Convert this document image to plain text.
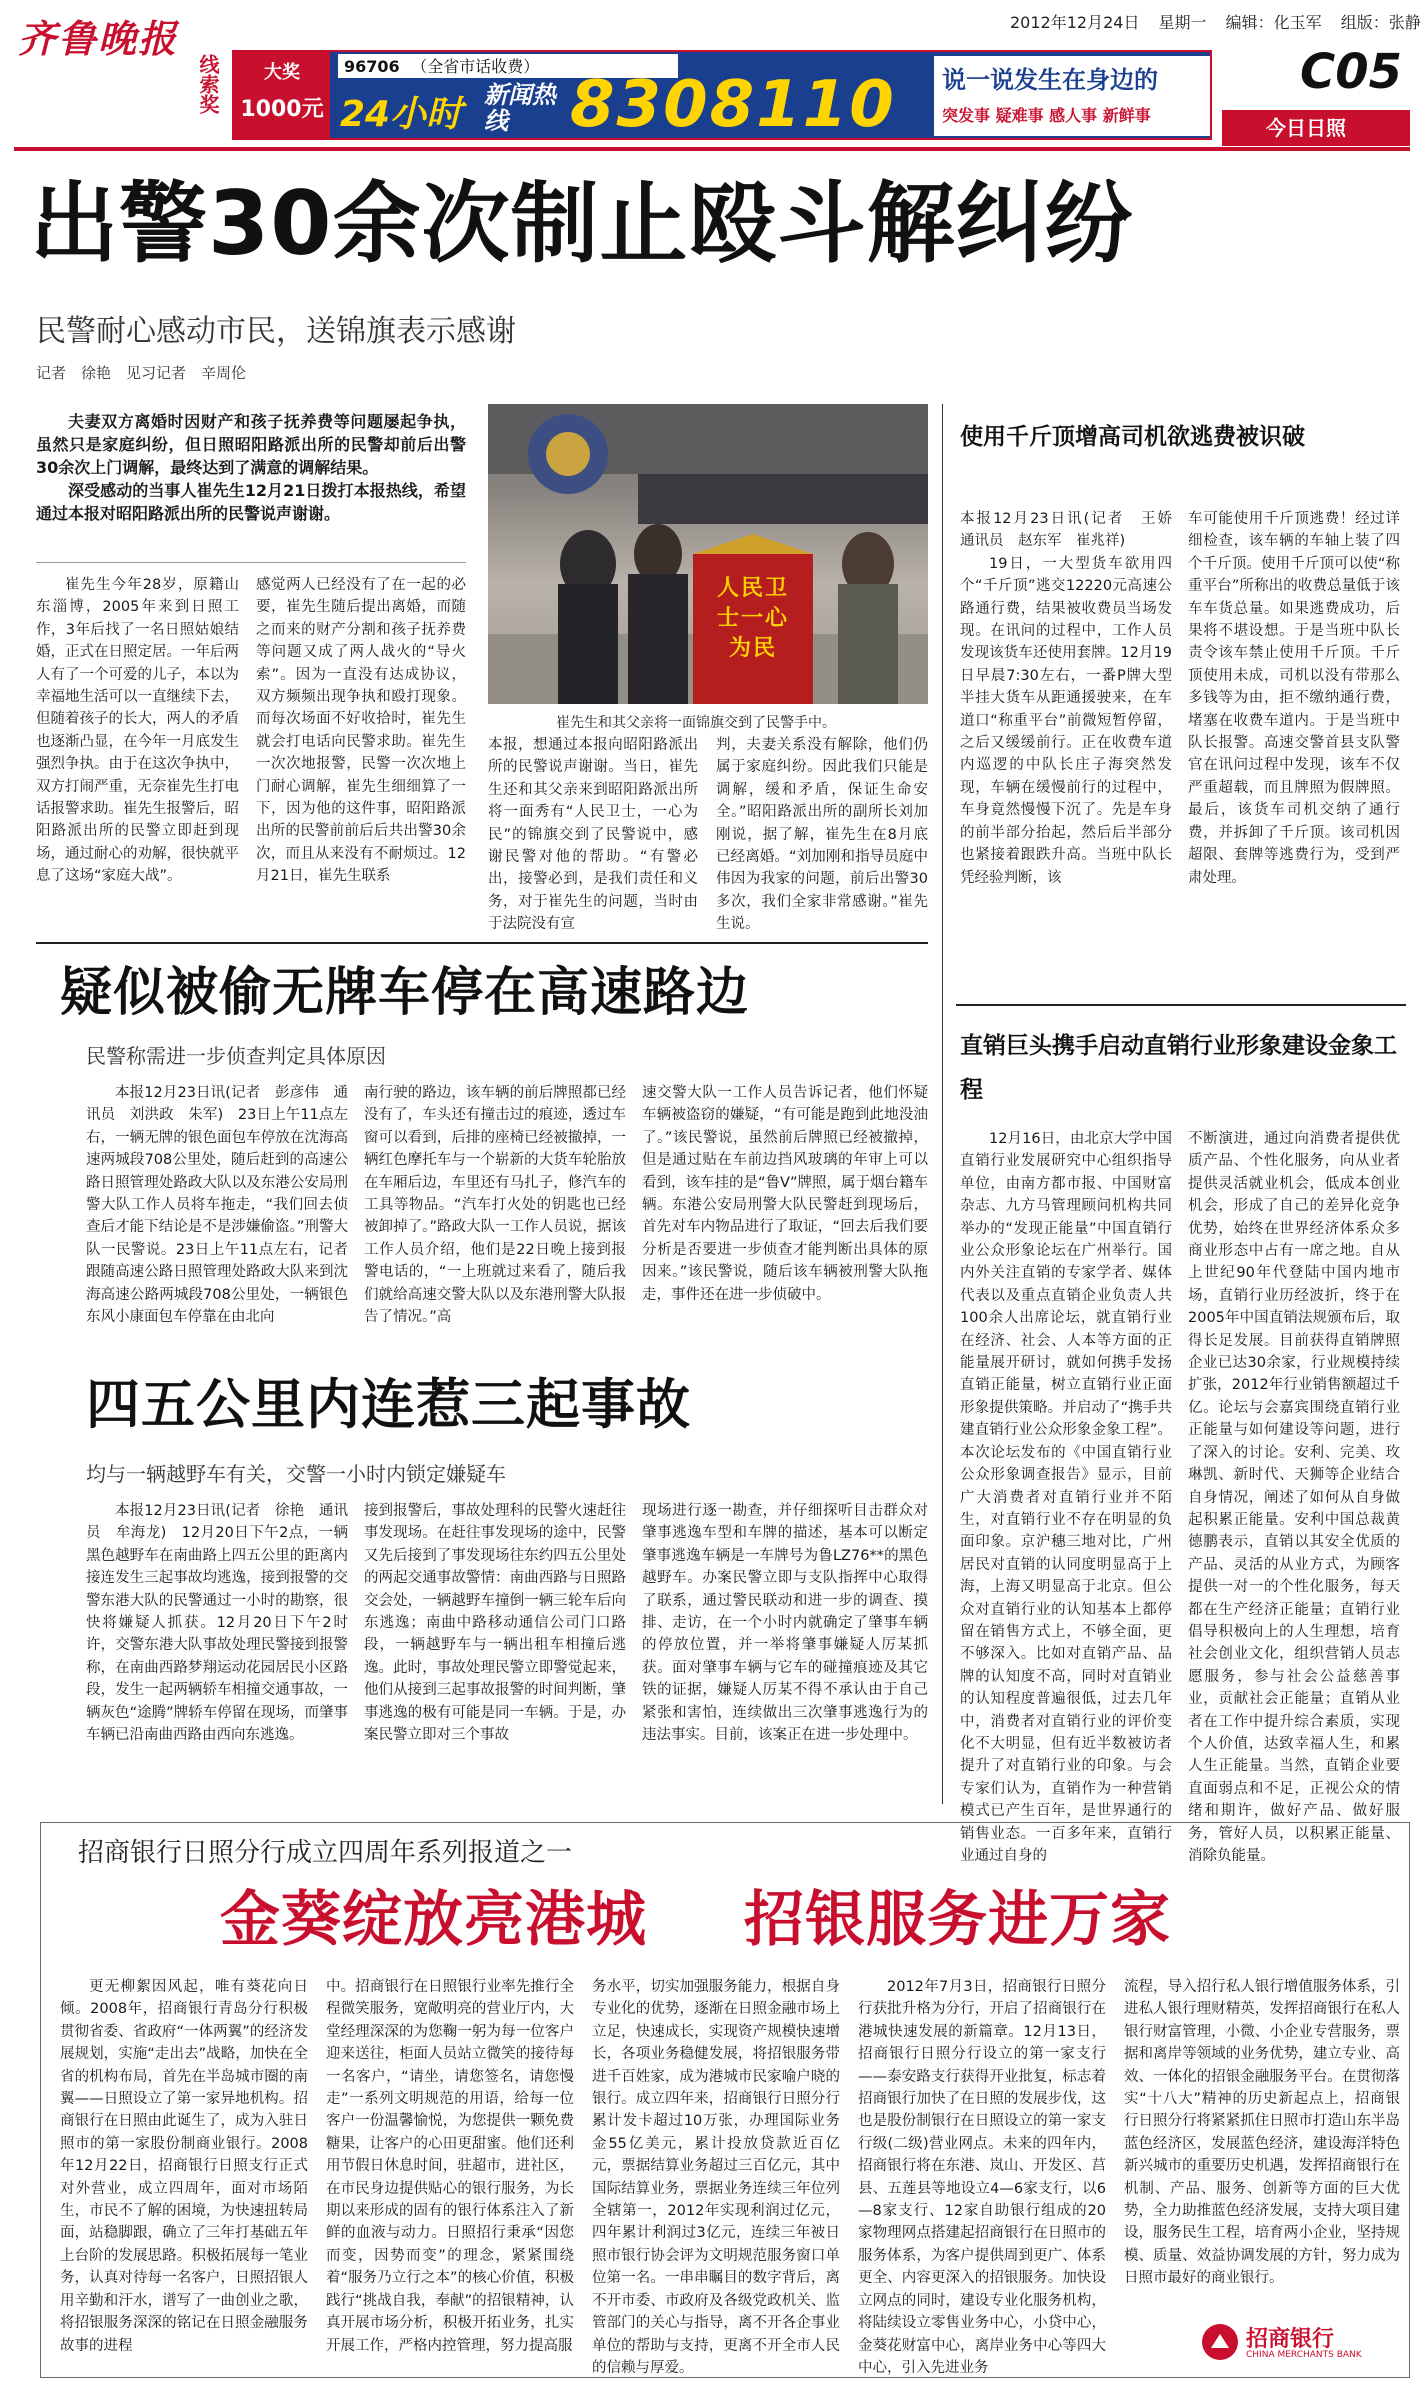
齐鲁晚报	2012年12月24日 星期一 编辑：化玉军 组版：张静
线索奖	大奖
1000元
96706 （全省市话收费）
24小时 新闻热线 8308110 说一说发生在身边的
突发事 疑难事 感人事 新鲜事
C05
今日日照
出警30余次制止殴斗解纠纷
民警耐心感动市民，送锦旗表示感谢
记者　徐艳　见习记者　辛周伦

夫妻双方离婚时因财产和孩子抚养费等问题屡起争执，虽然只是家庭纠纷，但日照昭阳路派出所的民警却前后出警30余次上门调解，最终达到了满意的调解结果。

深受感动的当事人崔先生12月21日拨打本报热线，希望通过本报对昭阳路派出所的民警说声谢谢。

崔先生今年28岁，原籍山东淄博，2005年来到日照工作，3年后找了一名日照姑娘结婚，正式在日照定居。一年后两人有了一个可爱的儿子，本以为幸福地生活可以一直继续下去，但随着孩子的长大，两人的矛盾也逐渐凸显，在今年一月底发生强烈争执。由于在这次争执中，双方打闹严重，无奈崔先生打电话报警求助。崔先生报警后，昭阳路派出所的民警立即赶到现场，通过耐心的劝解，很快就平息了这场“家庭大战”。

感觉两人已经没有了在一起的必要，崔先生随后提出离婚，而随之而来的财产分割和孩子抚养费等问题又成了两人战火的“导火索”。因为一直没有达成协议，双方频频出现争执和殴打现象。而每次场面不好收拾时，崔先生就会打电话向民警求助。崔先生一次次地报警，民警一次次地上门耐心调解，崔先生细细算了一下，因为他的这件事，昭阳路派出所的民警前前后后共出警30余次，而且从来没有不耐烦过。12月21日，崔先生联系

人民卫士一心为民
崔先生和其父亲将一面锦旗交到了民警手中。

本报，想通过本报向昭阳路派出所的民警说声谢谢。当日，崔先生还和其父亲来到昭阳路派出所将一面秀有“人民卫士，一心为民”的锦旗交到了民警说中，感谢民警对他的帮助。“有警必出，接警必到，是我们责任和义务，对于崔先生的问题，当时由于法院没有宣

判，夫妻关系没有解除，他们仍属于家庭纠纷。因此我们只能是调解，缓和矛盾，保证生命安全。”昭阳路派出所的副所长刘加刚说，据了解，崔先生在8月底已经离婚。“刘加刚和指导员庭中伟因为我家的问题，前后出警30多次，我们全家非常感谢。”崔先生说。

使用千斤顶增高司机欲逃费被识破

本报12月23日讯(记者　王娇　通讯员　赵东军　崔兆祥)

19日，一大型货车欲用四个“千斤顶”逃交12220元高速公路通行费，结果被收费员当场发现。在讯问的过程中，工作人员发现该货车还使用套牌。12月19日早晨7:30左右，一番P牌大型半挂大货车从距通援驶来，在车道口“称重平台”前微短暂停留，之后又缓缓前行。正在收费车道内巡逻的中队长庄子海突然发现，车辆在缓慢前行的过程中，车身竟然慢慢下沉了。先是车身的前半部分抬起，然后后半部分也紧接着跟跌升高。当班中队长凭经验判断，该

车可能使用千斤顶逃费！经过详细检查，该车辆的车轴上装了四个千斤顶。使用千斤顶可以使“称重平台”所称出的收费总量低于该车车货总量。如果逃费成功，后果将不堪设想。于是当班中队长责令该车禁止使用千斤顶。千斤顶使用未成，司机以没有带那么多钱等为由，拒不缴纳通行费，堵塞在收费车道内。于是当班中队长报警。高速交警首县支队警官在讯问过程中发现，该车不仅严重超载，而且牌照为假牌照。最后，该货车司机交纳了通行费，并拆卸了千斤顶。该司机因超限、套牌等逃费行为，受到严肃处理。

直销巨头携手启动直销行业形象建设金象工程

12月16日，由北京大学中国直销行业发展研究中心组织指导单位，由南方都市报、中国财富杂志、九方马管理顾问机构共同举办的“发现正能量”中国直销行业公众形象论坛在广州举行。国内外关注直销的专家学者、媒体代表以及重点直销企业负责人共100余人出席论坛，就直销行业在经济、社会、人本等方面的正能量展开研讨，就如何携手发扬直销正能量，树立直销行业正面形象提供策略。并启动了“携手共建直销行业公众形象金象工程”。本次论坛发布的《中国直销行业公众形象调查报告》显示，目前广大消费者对直销行业并不陌生，对直销行业不存在明显的负面印象。京沪穗三地对比，广州居民对直销的认同度明显高于上海，上海又明显高于北京。但公众对直销行业的认知基本上都停留在销售方式上，不够全面，更不够深入。比如对直销产品、品牌的认知度不高，同时对直销业的认知程度普遍很低，过去几年中，消费者对直销行业的评价变化不大明显，但有近半数被访者提升了对直销行业的印象。与会专家们认为，直销作为一种营销模式已产生百年，是世界通行的销售业态。一百多年来，直销行业通过自身的

不断演进，通过向消费者提供优质产品、个性化服务，向从业者提供灵活就业机会，低成本创业机会，形成了自己的差异化竞争优势，始终在世界经济体系众多商业形态中占有一席之地。自从上世纪90年代登陆中国内地市场，直销行业历经波折，终于在2005年中国直销法规颁布后，取得长足发展。目前获得直销牌照企业已达30余家，行业规模持续扩张，2012年行业销售额超过千亿。论坛与会嘉宾围绕直销行业正能量与如何建设等问题，进行了深入的讨论。安利、完美、玫琳凯、新时代、天狮等企业结合自身情况，阐述了如何从自身做起积累正能量。安利中国总裁黄德鹏表示，直销以其安全优质的产品、灵活的从业方式，为顾客提供一对一的个性化服务，每天都在生产经济正能量；直销行业倡导积极向上的人生理想，培育社会创业文化，组织营销人员志愿服务，参与社会公益慈善事业，贡献社会正能量；直销从业者在工作中提升综合素质，实现个人价值，达致幸福人生，和累人生正能量。当然，直销企业要直面弱点和不足，正视公众的情绪和期许，做好产品、做好服务，管好人员，以积累正能量、消除负能量。

疑似被偷无牌车停在高速路边
民警称需进一步侦查判定具体原因

本报12月23日讯(记者　彭彦伟　通讯员　刘洪政　朱军)　23日上午11点左右，一辆无牌的银色面包车停放在沈海高速两城段708公里处，随后赶到的高速公路日照管理处路政大队以及东港公安局刑警大队工作人员将车拖走，“我们回去侦查后才能下结论是不是涉嫌偷盗。”刑警大队一民警说。23日上午11点左右，记者跟随高速公路日照管理处路政大队来到沈海高速公路两城段708公里处，一辆银色东风小康面包车停靠在由北向

南行驶的路边，该车辆的前后牌照都已经没有了，车头还有撞击过的痕迹，透过车窗可以看到，后排的座椅已经被撤掉，一辆红色摩托车与一个崭新的大货车轮胎放在车厢后边，车里还有马扎子，修汽车的工具等物品。“汽车打火处的钥匙也已经被卸掉了。”路政大队一工作人员说，据该工作人员介绍，他们是22日晚上接到报警电话的，“一上班就过来看了，随后我们就给高速交警大队以及东港刑警大队报告了情况。”高

速交警大队一工作人员告诉记者，他们怀疑车辆被盗窃的嫌疑，“有可能是跑到此地没油了。”该民警说，虽然前后牌照已经被撤掉，但是通过贴在车前边挡风玻璃的年审上可以看到，该车挂的是“鲁Ⅴ”牌照，属于烟台籍车辆。东港公安局刑警大队民警赶到现场后，首先对车内物品进行了取证，“回去后我们要分析是否要进一步侦查才能判断出具体的原因来。”该民警说，随后该车辆被刑警大队拖走，事件还在进一步侦破中。

四五公里内连惹三起事故
均与一辆越野车有关，交警一小时内锁定嫌疑车

本报12月23日讯(记者　徐艳　通讯员　牟海龙)　12月20日下午2点，一辆黑色越野车在南曲路上四五公里的距离内接连发生三起事故均逃逸，接到报警的交警东港大队的民警通过一小时的勘察，很快将嫌疑人抓获。12月20日下午2时许，交警东港大队事故处理民警接到报警称，在南曲西路梦翔运动花园居民小区路段，发生一起两辆轿车相撞交通事故，一辆灰色“途腾”牌轿车停留在现场，而肇事车辆已沿南曲西路由西向东逃逸。

接到报警后，事故处理科的民警火速赶往事发现场。在赶往事发现场的途中，民警又先后接到了事发现场往东约四五公里处的两起交通事故警情：南曲西路与日照路交会处，一辆越野车撞倒一辆三轮车后向东逃逸；南曲中路移动通信公司门口路段，一辆越野车与一辆出租车相撞后逃逸。此时，事故处理民警立即警觉起来，他们从接到三起事故报警的时间判断，肇事逃逸的极有可能是同一车辆。于是，办案民警立即对三个事故

现场进行逐一勘查，并仔细探听目击群众对肇事逃逸车型和车牌的描述，基本可以断定肇事逃逸车辆是一车牌号为鲁LZ76**的黑色越野车。办案民警立即与支队指挥中心取得了联系，通过警民联动和进一步的调查、摸排、走访，在一个小时内就确定了肇事车辆的停放位置，并一举将肇事嫌疑人厉某抓获。面对肇事车辆与它车的碰撞痕迹及其它铁的证据，嫌疑人厉某不得不承认由于自己紧张和害怕，连续做出三次肇事逃逸行为的违法事实。目前，该案正在进一步处理中。

招商银行日照分行成立四周年系列报道之一
金葵绽放亮港城 招银服务进万家

更无柳絮因风起，唯有葵花向日倾。2008年，招商银行青岛分行积极贯彻省委、省政府“一体两翼”的经济发展规划，实施“走出去”战略，加快在全省的机构布局，首先在半岛城市圈的南翼——日照设立了第一家异地机构。招商银行在日照由此诞生了，成为入驻日照市的第一家股份制商业银行。2008年12月22日，招商银行日照支行正式对外营业，成立四周年，面对市场陌生，市民不了解的困境，为快速扭转局面，站稳脚跟，确立了三年打基础五年上台阶的发展思路。积极拓展每一笔业务，认真对待每一名客户，日照招银人用辛勤和汗水，谱写了一曲创业之歌，将招银服务深深的铭记在日照金融服务故事的进程

中。招商银行在日照银行业率先推行全程微笑服务，宽敞明亮的营业厅内，大堂经理深深的为您鞠一躬为每一位客户迎来送往，柜面人员站立微笑的接待每一名客户，“请坐，请您签名，请您慢走”一系列文明规范的用语，给每一位客户一份温馨愉悦，为您提供一颗免费糖果，让客户的心田更甜蜜。他们还利用节假日休息时间，驻超市，进社区，在市民身边提供贴心的银行服务，为长期以来形成的固有的银行体系注入了新鲜的血液与动力。日照招行秉承“因您而变，因势而变”的理念，紧紧围绕着“服务乃立行之本”的核心价值，积极践行“挑战自我，奉献”的招银精神，认真开展市场分析，积极开拓业务，扎实开展工作，严格内控管理，努力提高服

务水平，切实加强服务能力，根据自身专业化的优势，逐渐在日照金融市场上立足，快速成长，实现资产规模快速增长，各项业务稳健发展，将招银服务带进千百姓家，成为港城市民家喻户晓的银行。成立四年来，招商银行日照分行累计发卡超过10万张，办理国际业务金55亿美元，累计投放贷款近百亿元，票据结算业务超过三百亿元，其中国际结算业务，票据业务连续三年位列全辖第一，2012年实现利润过亿元，四年累计利润过3亿元，连续三年被日照市银行协会评为文明规范服务窗口单位第一名。一串串瞩目的数字背后，离不开市委、市政府及各级党政机关、监管部门的关心与指导，离不开各企事业单位的帮助与支持，更离不开全市人民的信赖与厚爱。

2012年7月3日，招商银行日照分行获批升格为分行，开启了招商银行在港城快速发展的新篇章。12月13日，招商银行日照分行设立的第一家支行——泰安路支行获得开业批复，标志着招商银行加快了在日照的发展步伐，这也是股份制银行在日照设立的第一家支行级(二级)营业网点。未来的四年内，招商银行将在东港、岚山、开发区、莒县、五莲县等地设立4—6家支行，以6—8家支行、12家自助银行组成的20家物理网点搭建起招商银行在日照市的服务体系，为客户提供周到更广、体系更全、内容更深入的招银服务。加快设立网点的同时，建设专业化服务机构，将陆续设立零售业务中心，小贷中心，金葵花财富中心，离岸业务中心等四大中心，引入先进业务

流程，导入招行私人银行增值服务体系，引进私人银行理财精英，发挥招商银行在私人银行财富管理，小微、小企业专营服务，票据和离岸等领域的业务优势，建立专业、高效、一体化的招银金融服务平台。在贯彻落实“十八大”精神的历史新起点上，招商银行日照分行将紧紧抓住日照市打造山东半岛蓝色经济区，发展蓝色经济，建设海洋特色新兴城市的重要历史机遇，发挥招商银行在机制、产品、服务、创新等方面的巨大优势，全力助推蓝色经济发展，支持大项目建设，服务民生工程，培育两小企业，坚持规模、质量、效益协调发展的方针，努力成为日照市最好的商业银行。

招商银行
CHINA MERCHANTS BANK
